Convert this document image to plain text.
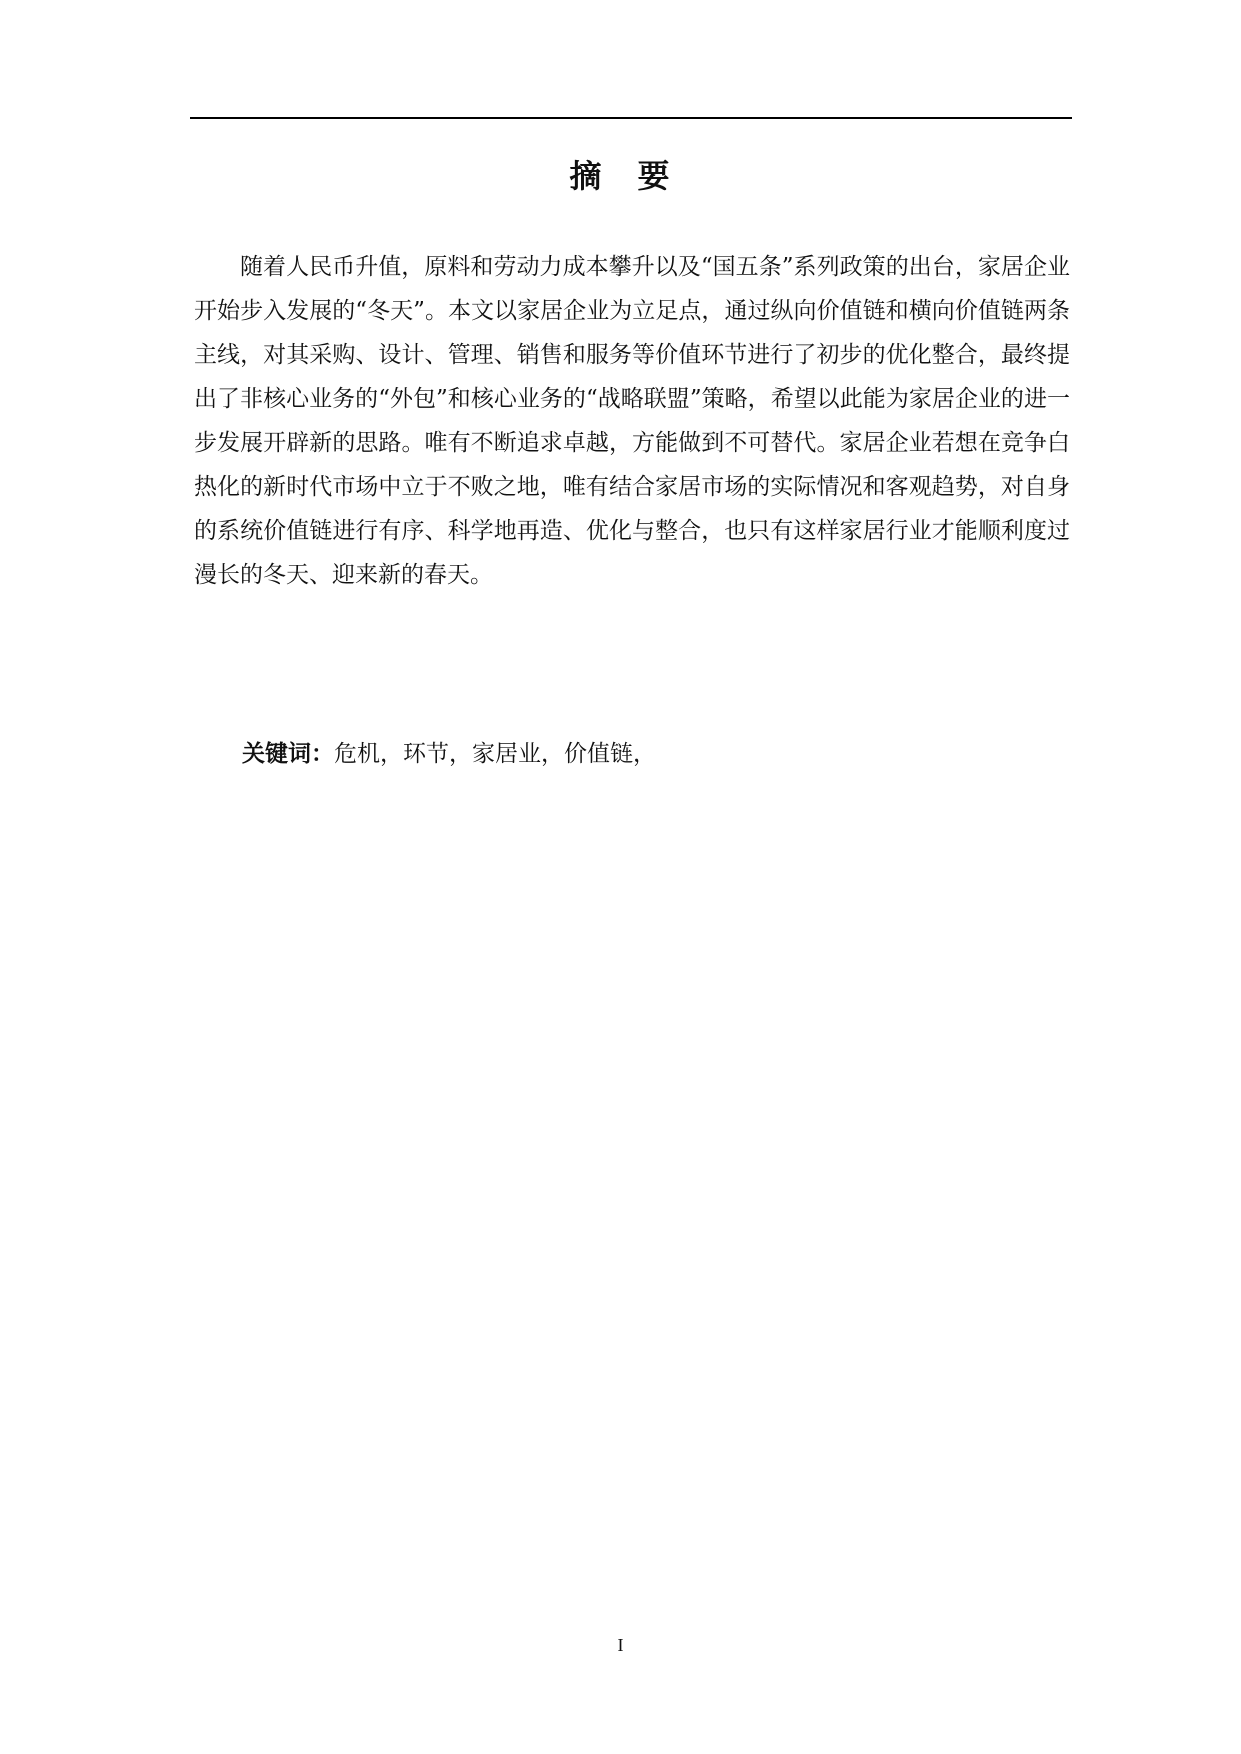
摘　要

随着人民币升值，原料和劳动力成本攀升以及“国五条”系列政策的出台，家居企业开始步入发展的“冬天”。本文以家居企业为立足点，通过纵向价值链和横向价值链两条主线，对其采购、设计、管理、销售和服务等价值环节进行了初步的优化整合，最终提出了非核心业务的“外包”和核心业务的“战略联盟”策略，希望以此能为家居企业的进一步发展开辟新的思路。唯有不断追求卓越，方能做到不可替代。家居企业若想在竞争白热化的新时代市场中立于不败之地，唯有结合家居市场的实际情况和客观趋势，对自身的系统价值链进行有序、科学地再造、优化与整合，也只有这样家居行业才能顺利度过漫长的冬天、迎来新的春天。

关键词：危机，环节，家居业，价值链，
I
